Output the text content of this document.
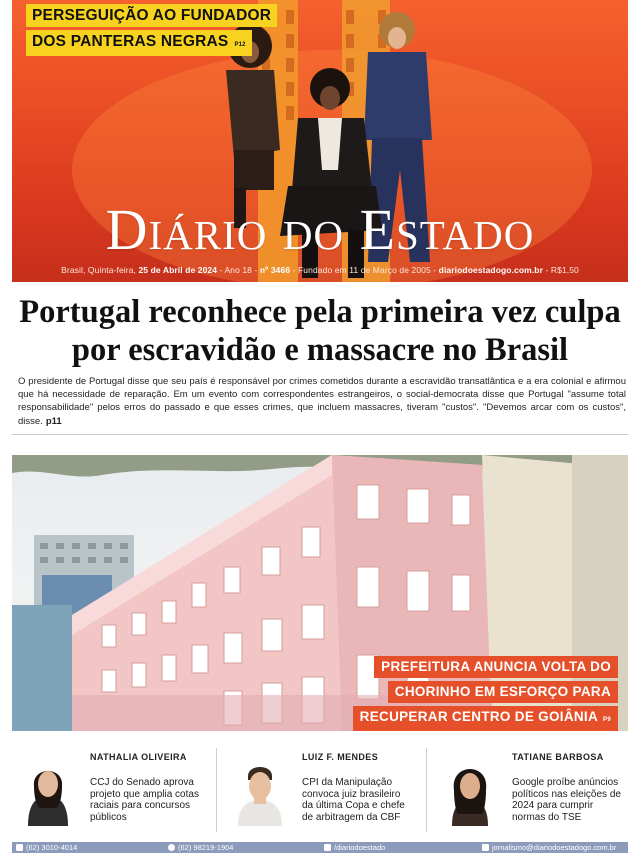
PERSEGUIÇÃO AO FUNDADOR
DOS PANTERAS NEGRAS P12
Diário do Estado
Brasil, Quinta-feira, 25 de Abril de 2024 - Ano 18 - nº 3466 - Fundado em 11 de Março de 2005 - diariodoestadogo.com.br - R$1,50
Portugal reconhece pela primeira vez culpa por escravidão e massacre no Brasil

O presidente de Portugal disse que seu país é responsável por crimes cometidos durante a escravidão transatlântica e a era colonial e afirmou que há necessidade de reparação. Em um evento com correspondentes estrangeiros, o social-democrata disse que Portugal "assume total responsabilidade" pelos erros do passado e que esses crimes, que incluem massacres, tiveram "custos". "Devemos arcar com os custos", disse. p11

PREFEITURA ANUNCIA VOLTA DO
CHORINHO EM ESFORÇO PARA
RECUPERAR CENTRO DE GOIÂNIA P9
NATHALIA OLIVEIRA
CCJ do Senado aprova projeto que amplia cotas raciais para concursos públicos
LUIZ F. MENDES
CPI da Manipulação convoca juiz brasileiro da última Copa e chefe de arbitragem da CBF
TATIANE BARBOSA
Google proíbe anúncios políticos nas eleições de 2024 para cumprir normas do TSE
(62) 3010-4014	(62) 98219-1904	/diariodoestado	jornalismo@diariodoestadogo.com.br
